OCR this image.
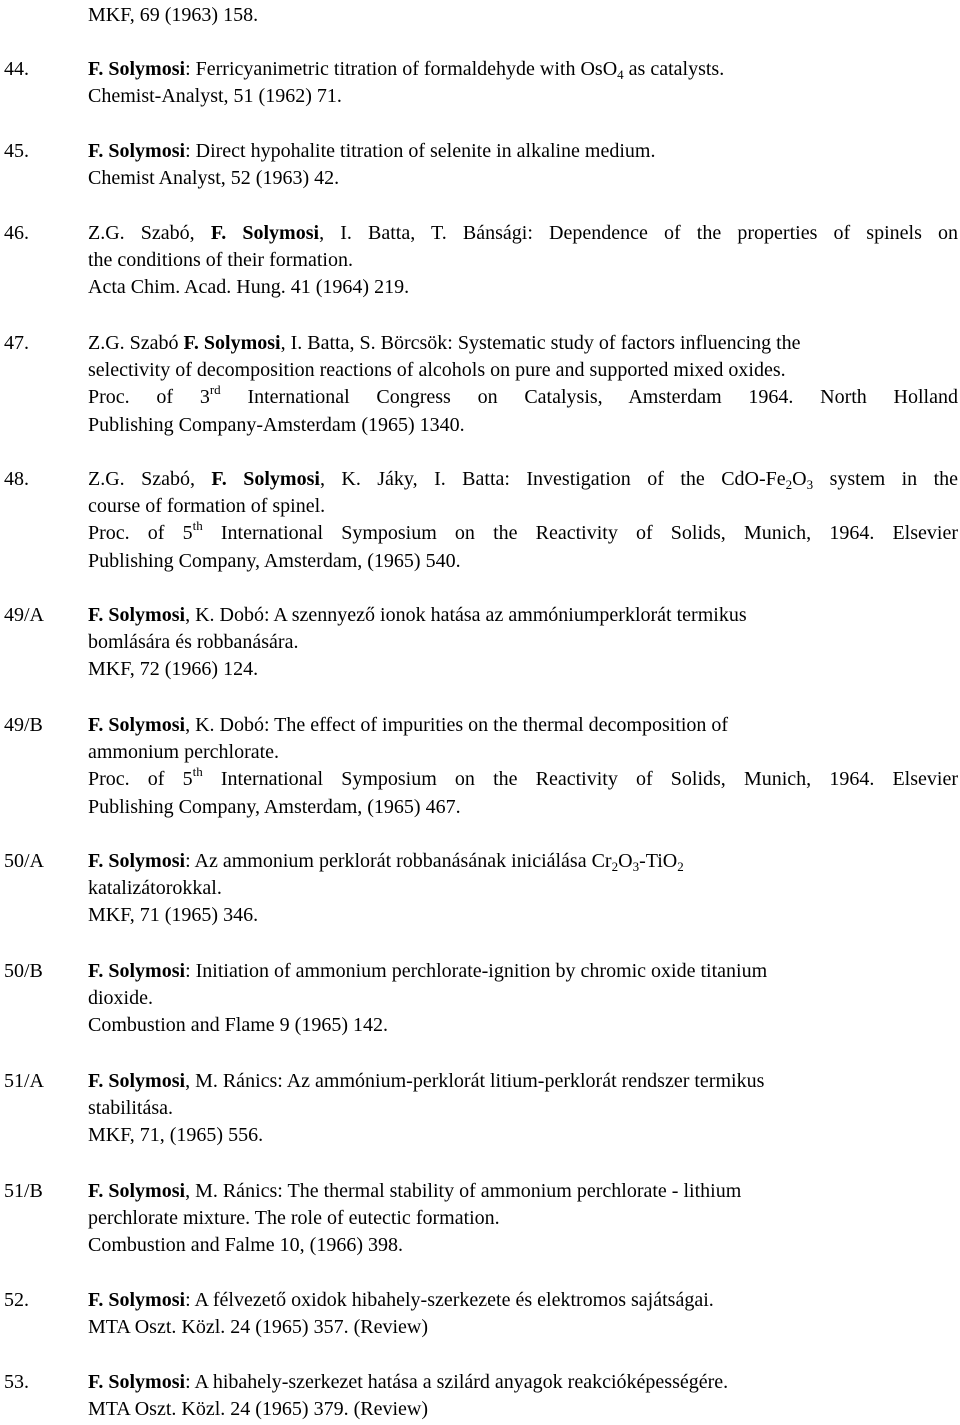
MKF, 69 (1963) 158.
44.	F. Solymosi: Ferricyanimetric titration of formaldehyde with OsO$_4$ as catalysts.
Chemist-Analyst, 51 (1962) 71.
45.	F. Solymosi: Direct hypohalite titration of selenite in alkaline medium.
Chemist Analyst, 52 (1963) 42.
46.	Z.G. Szabó, F. Solymosi, I. Batta, T. Bánsági: Dependence of the properties of spinels on
the conditions of their formation.
Acta Chim. Acad. Hung. 41 (1964) 219.
47.	Z.G. Szabó F. Solymosi, I. Batta, S. Börcsök: Systematic study of factors influencing the
selectivity of decomposition reactions of alcohols on pure and supported mixed oxides.
Proc. of 3rd International Congress on Catalysis, Amsterdam 1964. North Holland
Publishing Company-Amsterdam (1965) 1340.
48.	Z.G. Szabó, F. Solymosi, K. Jáky, I. Batta: Investigation of the CdO-$Fe_2O_3$ system in the
course of formation of spinel.
Proc. of 5th International Symposium on the Reactivity of Solids, Munich, 1964. Elsevier
Publishing Company, Amsterdam, (1965) 540.
49/A F. Solymosi, K. Dobó: A szennyező ionok hatása az ammóniumperklorát termikus
bomlására és robbanására.
MKF, 72 (1966) 124.
49/B F. Solymosi, K. Dobó: The effect of impurities on the thermal decomposition of
ammonium perchlorate.
Proc. of 5th International Symposium on the Reactivity of Solids, Munich, 1964. Elsevier
Publishing Company, Amsterdam, (1965) 467.
50/A F. Solymosi: Az ammonium perklorát robbanásának iniciálása $Cr_2O_3-TiO_2$
katalizátorokkal.
MKF, 71 (1965) 346.
50/B F. Solymosi: Initiation of ammonium perchlorate-ignition by chromic oxide titanium
dioxide.
Combustion and Flame 9 (1965) 142.
51/A F. Solymosi, M. Ránics: Az ammónium-perklorát litium-perklorát rendszer termikus
stabilitása.
MKF, 71, (1965) 556.
51/B F. Solymosi, M. Ránics: The thermal stability of ammonium perchlorate - lithium
perchlorate mixture. The role of eutectic formation.
Combustion and Falme 10, (1966) 398.
52.	F. Solymosi: A félvezető oxidok hibahely-szerkezete és elektromos sajátságai.
MTA Oszt. Közl. 24 (1965) 357. (Review)
53.	F. Solymosi: A hibahely-szerkezet hatása a szilárd anyagok reakcióképességére.
MTA Oszt. Közl. 24 (1965) 379. (Review)
